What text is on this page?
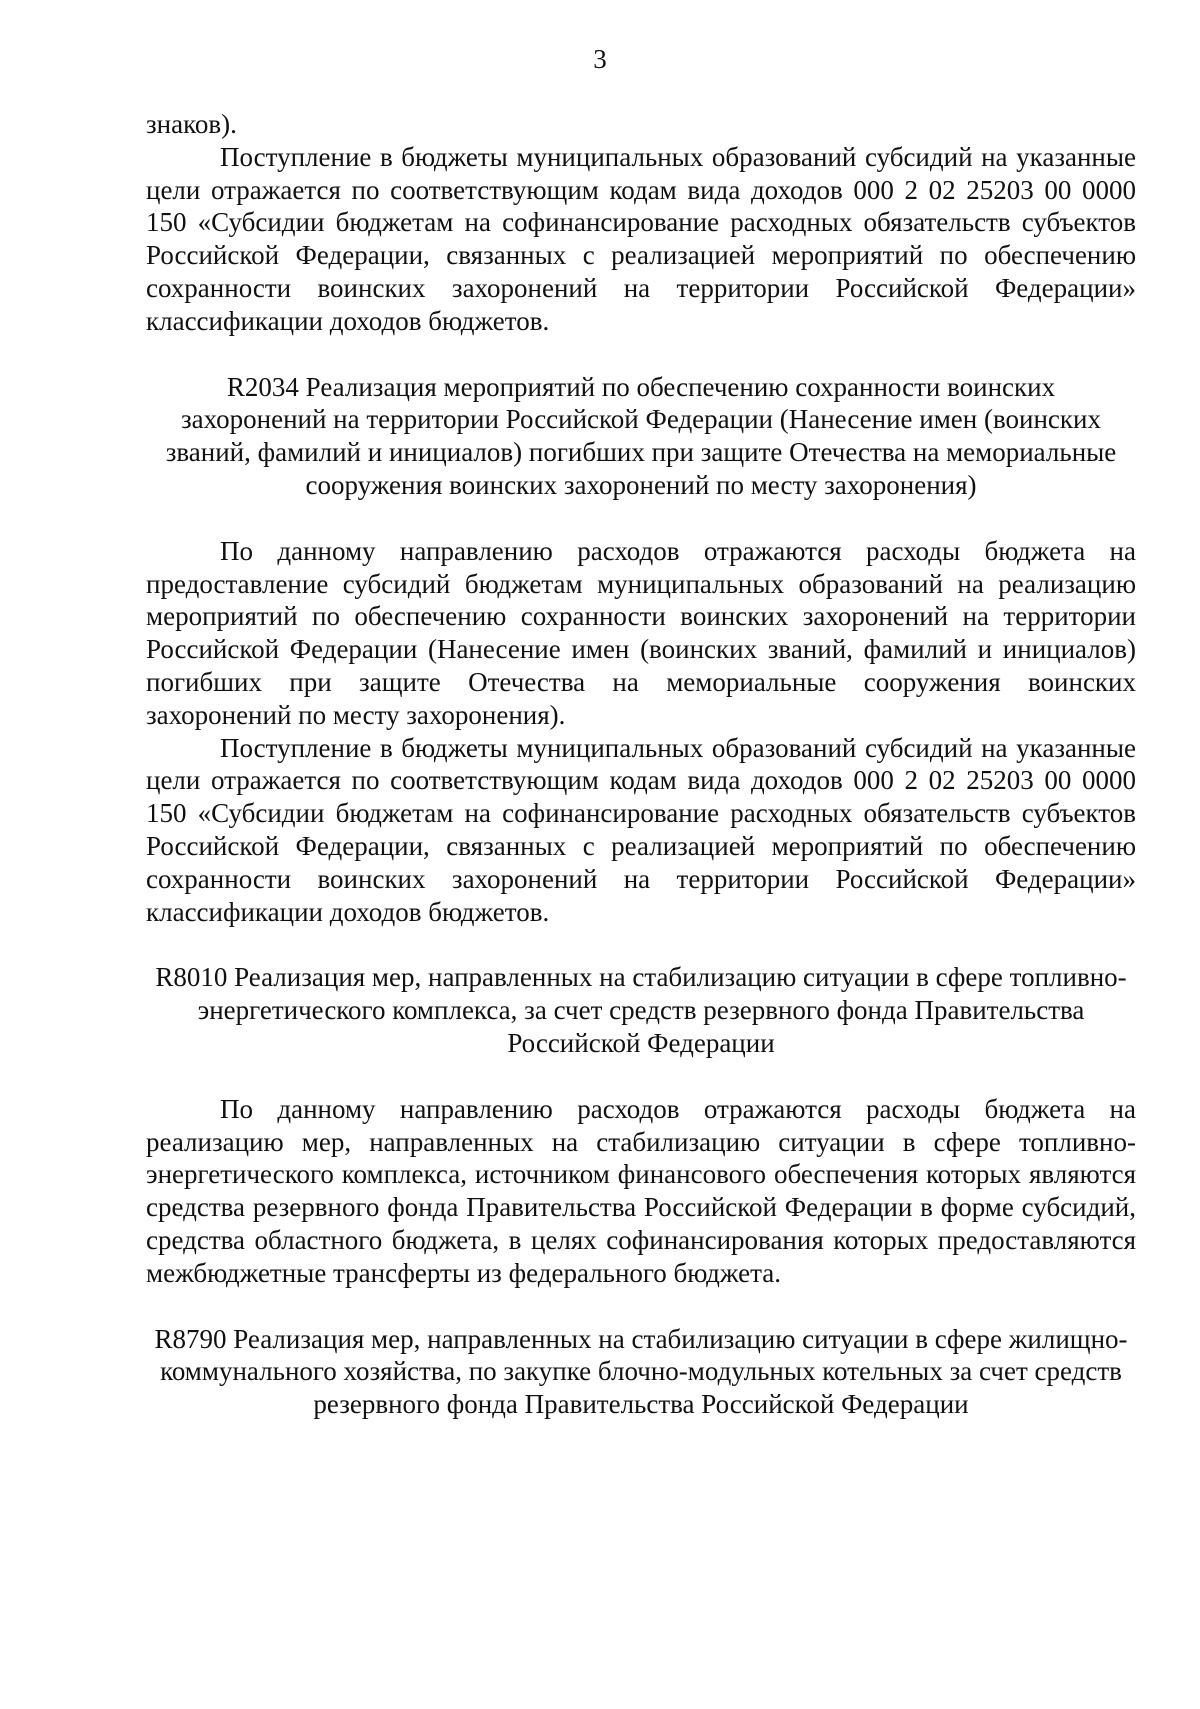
3

знаков).

Поступление в бюджеты муниципальных образований субсидий на указанные цели отражается по соответствующим кодам вида доходов 000 2 02 25203 00 0000 150 «Субсидии бюджетам на софинансирование расходных обязательств субъектов Российской Федерации, связанных с реализацией мероприятий по обеспечению сохранности воинских захоронений на территории Российской Федерации» классификации доходов бюджетов.

R2034 Реализация мероприятий по обеспечению сохранности воинских захоронений на территории Российской Федерации (Нанесение имен (воинских званий, фамилий и инициалов) погибших при защите Отечества на мемориальные сооружения воинских захоронений по месту захоронения)

По данному направлению расходов отражаются расходы бюджета на предоставление субсидий бюджетам муниципальных образований на реализацию мероприятий по обеспечению сохранности воинских захоронений на территории Российской Федерации (Нанесение имен (воинских званий, фамилий и инициалов) погибших при защите Отечества на мемориальные сооружения воинских захоронений по месту захоронения).

Поступление в бюджеты муниципальных образований субсидий на указанные цели отражается по соответствующим кодам вида доходов 000 2 02 25203 00 0000 150 «Субсидии бюджетам на софинансирование расходных обязательств субъектов Российской Федерации, связанных с реализацией мероприятий по обеспечению сохранности воинских захоронений на территории Российской Федерации» классификации доходов бюджетов.

R8010 Реализация мер, направленных на стабилизацию ситуации в сфере топливно-энергетического комплекса, за счет средств резервного фонда Правительства Российской Федерации

По данному направлению расходов отражаются расходы бюджета на реализацию мер, направленных на стабилизацию ситуации в сфере топливно-энергетического комплекса, источником финансового обеспечения которых являются средства резервного фонда Правительства Российской Федерации в форме субсидий, средства областного бюджета, в целях софинансирования которых предоставляются межбюджетные трансферты из федерального бюджета.

R8790 Реализация мер, направленных на стабилизацию ситуации в сфере жилищно-коммунального хозяйства, по закупке блочно-модульных котельных за счет средств резервного фонда Правительства Российской Федерации
